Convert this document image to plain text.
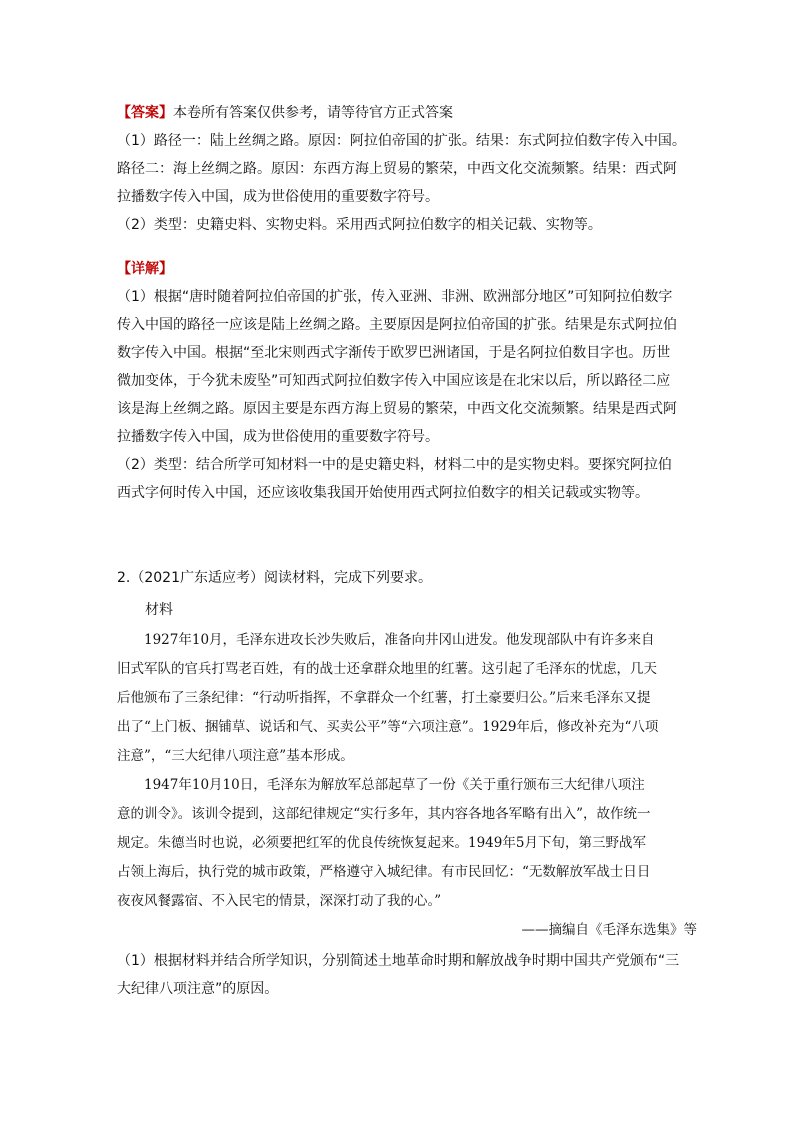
【答案】本卷所有答案仅供参考，请等待官方正式答案
（1）路径一：陆上丝绸之路。原因：阿拉伯帝国的扩张。结果：东式阿拉伯数字传入中国。
路径二：海上丝绸之路。原因：东西方海上贸易的繁荣，中西文化交流频繁。结果：西式阿
拉播数字传入中国，成为世俗使用的重要数字符号。
（2）类型：史籍史料、实物史料。采用西式阿拉伯数字的相关记载、实物等。
【详解】
（1）根据“唐时随着阿拉伯帝国的扩张，传入亚洲、非洲、欧洲部分地区”可知阿拉伯数字
传入中国的路径一应该是陆上丝绸之路。主要原因是阿拉伯帝国的扩张。结果是东式阿拉伯
数字传入中国。根据“至北宋则西式字渐传于欧罗巴洲诸国，于是名阿拉伯数目字也。历世
微加变体，于今犹未废坠”可知西式阿拉伯数字传入中国应该是在北宋以后，所以路径二应
该是海上丝绸之路。原因主要是东西方海上贸易的繁荣，中西文化交流频繁。结果是西式阿
拉播数字传入中国，成为世俗使用的重要数字符号。
（2）类型：结合所学可知材料一中的是史籍史料，材料二中的是实物史料。要探究阿拉伯
西式字何时传入中国，还应该收集我国开始使用西式阿拉伯数字的相关记载或实物等。
2.（2021广东适应考）阅读材料，完成下列要求。
材料
1927年10月，毛泽东进攻长沙失败后，准备向井冈山进发。他发现部队中有许多来自
旧式军队的官兵打骂老百姓，有的战士还拿群众地里的红薯。这引起了毛泽东的忧虑，几天
后他颁布了三条纪律：“行动听指挥，不拿群众一个红薯，打土豪要归公。”后来毛泽东又提
出了“上门板、捆铺草、说话和气、买卖公平”等“六项注意”。1929年后，修改补充为“八项
注意”，“三大纪律八项注意”基本形成。
1947年10月10日，毛泽东为解放军总部起草了一份《关于重行颁布三大纪律八项注
意的训令》。该训令提到，这部纪律规定“实行多年，其内容各地各军略有出入”，故作统一
规定。朱德当时也说，必须要把红军的优良传统恢复起来。1949年5月下旬，第三野战军
占领上海后，执行党的城市政策，严格遵守入城纪律。有市民回忆：“无数解放军战士日日
夜夜风餐露宿、不入民宅的情景，深深打动了我的心。”
——摘编自《毛泽东选集》等
（1）根据材料并结合所学知识，分别简述土地革命时期和解放战争时期中国共产党颁布“三
大纪律八项注意”的原因。
